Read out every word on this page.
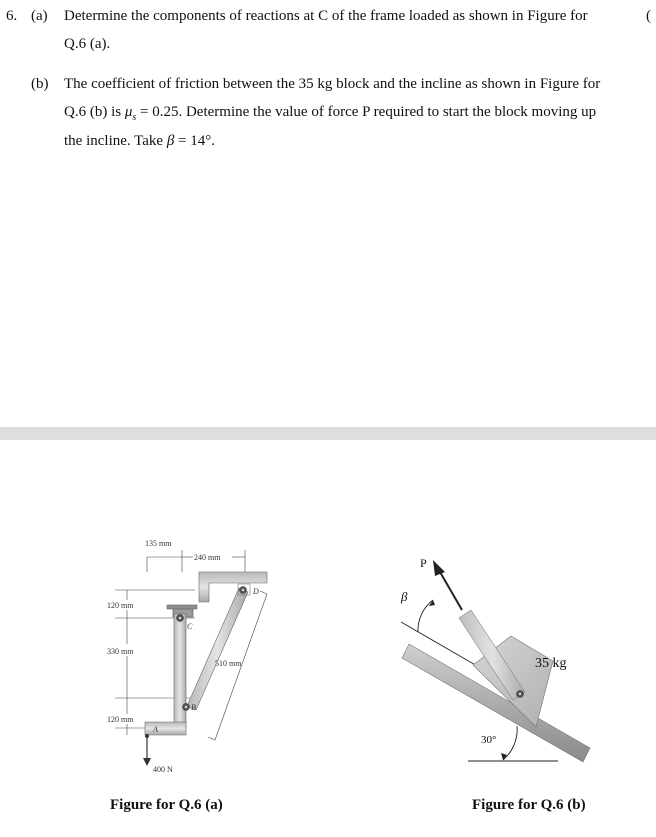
6. (a) Determine the components of reactions at C of the frame loaded as shown in Figure for	(
Q.6 (a).
(b) The coefficient of friction between the 35 kg block and the incline as shown in Figure for
Q.6 (b) is $\mu_s = 0.25$. Determine the value of force P required to start the block moving up
the incline. Take β = 14°.
135 mm
240 mm
120 mm
330 mm
120 mm
510 mm
A
B
C
D
400 N
P
β
35 kg
30°
Figure for Q.6 (a)	Figure for Q.6 (b)
